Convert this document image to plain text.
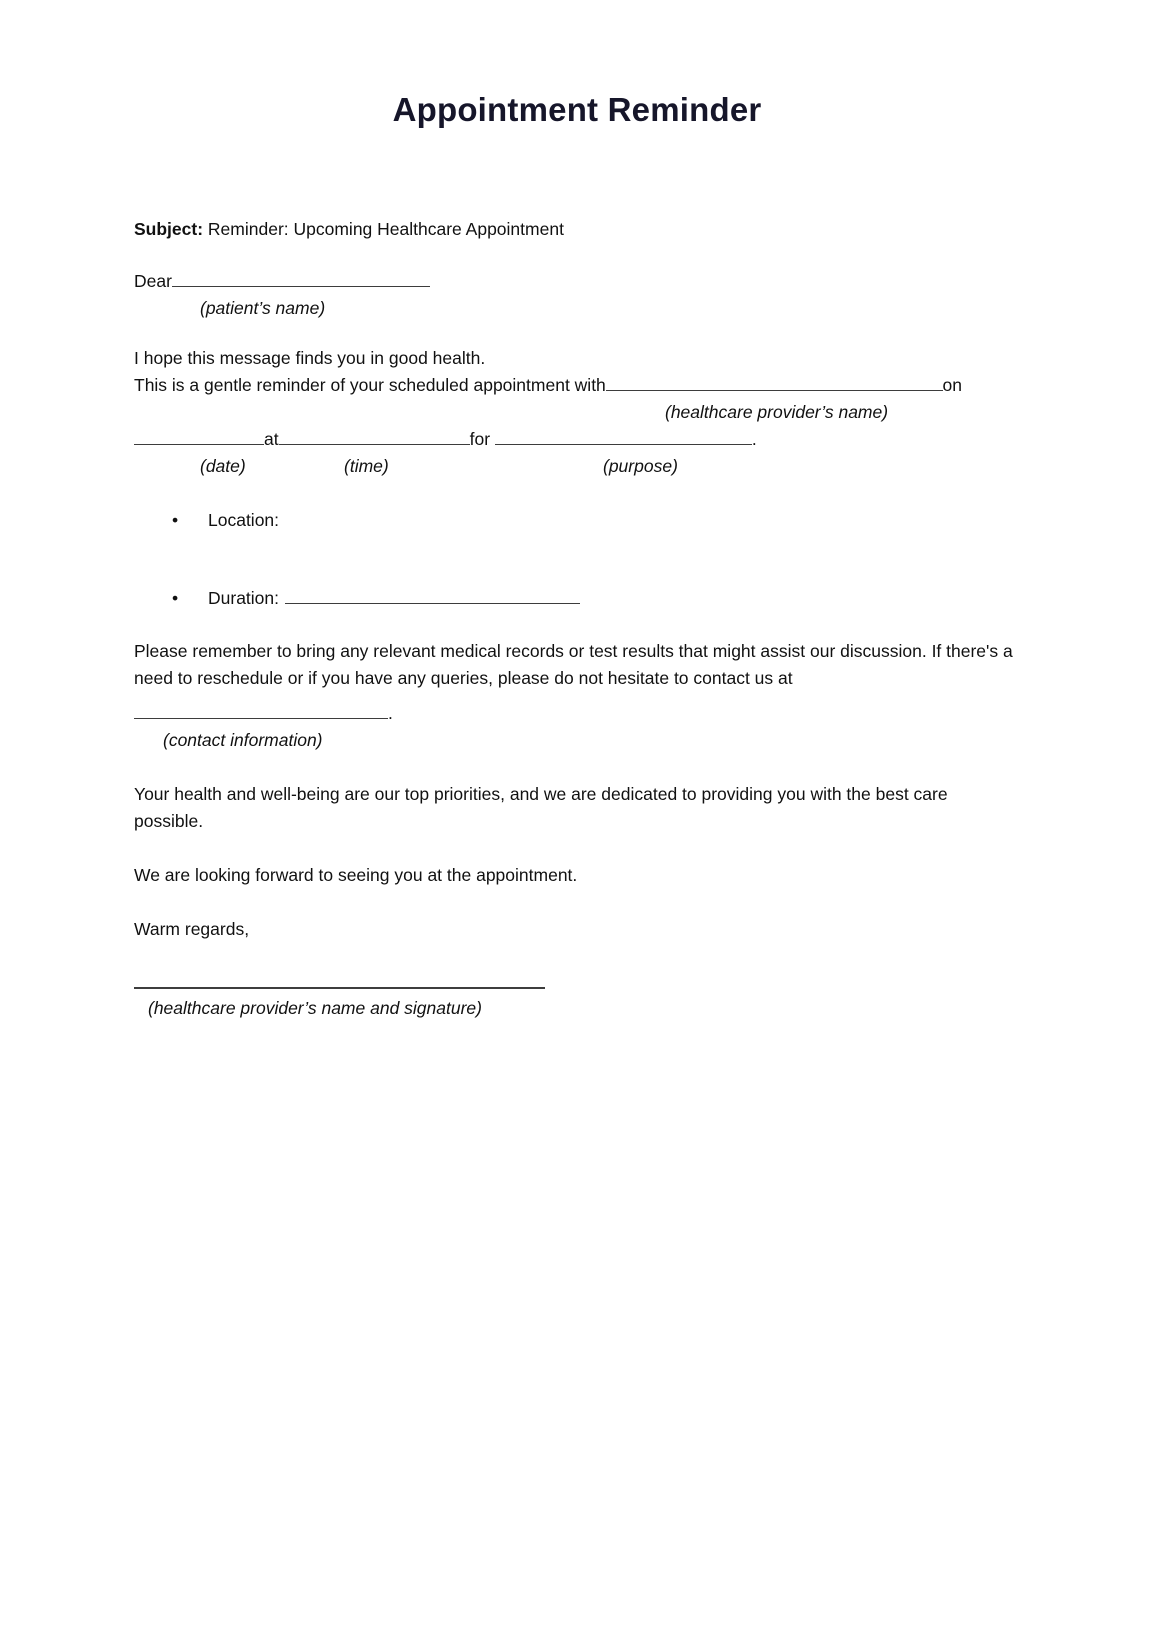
Appointment Reminder

Subject: Reminder: Upcoming Healthcare Appointment

Dear

(patient’s name)

I hope this message finds you in good health.

This is a gentle reminder of your scheduled appointment with	on

(healthcare provider’s name)

at	for	.

(date)	(time)	(purpose)
•	Location:
•	Duration:

Please remember to bring any relevant medical records or test results that might assist our discussion. If there's a need to reschedule or if you have any queries, please do not hesitate to contact us at

.

(contact information)

Your health and well-being are our top priorities, and we are dedicated to providing you with the best care possible.

We are looking forward to seeing you at the appointment.

Warm regards,

(healthcare provider’s name and signature)
